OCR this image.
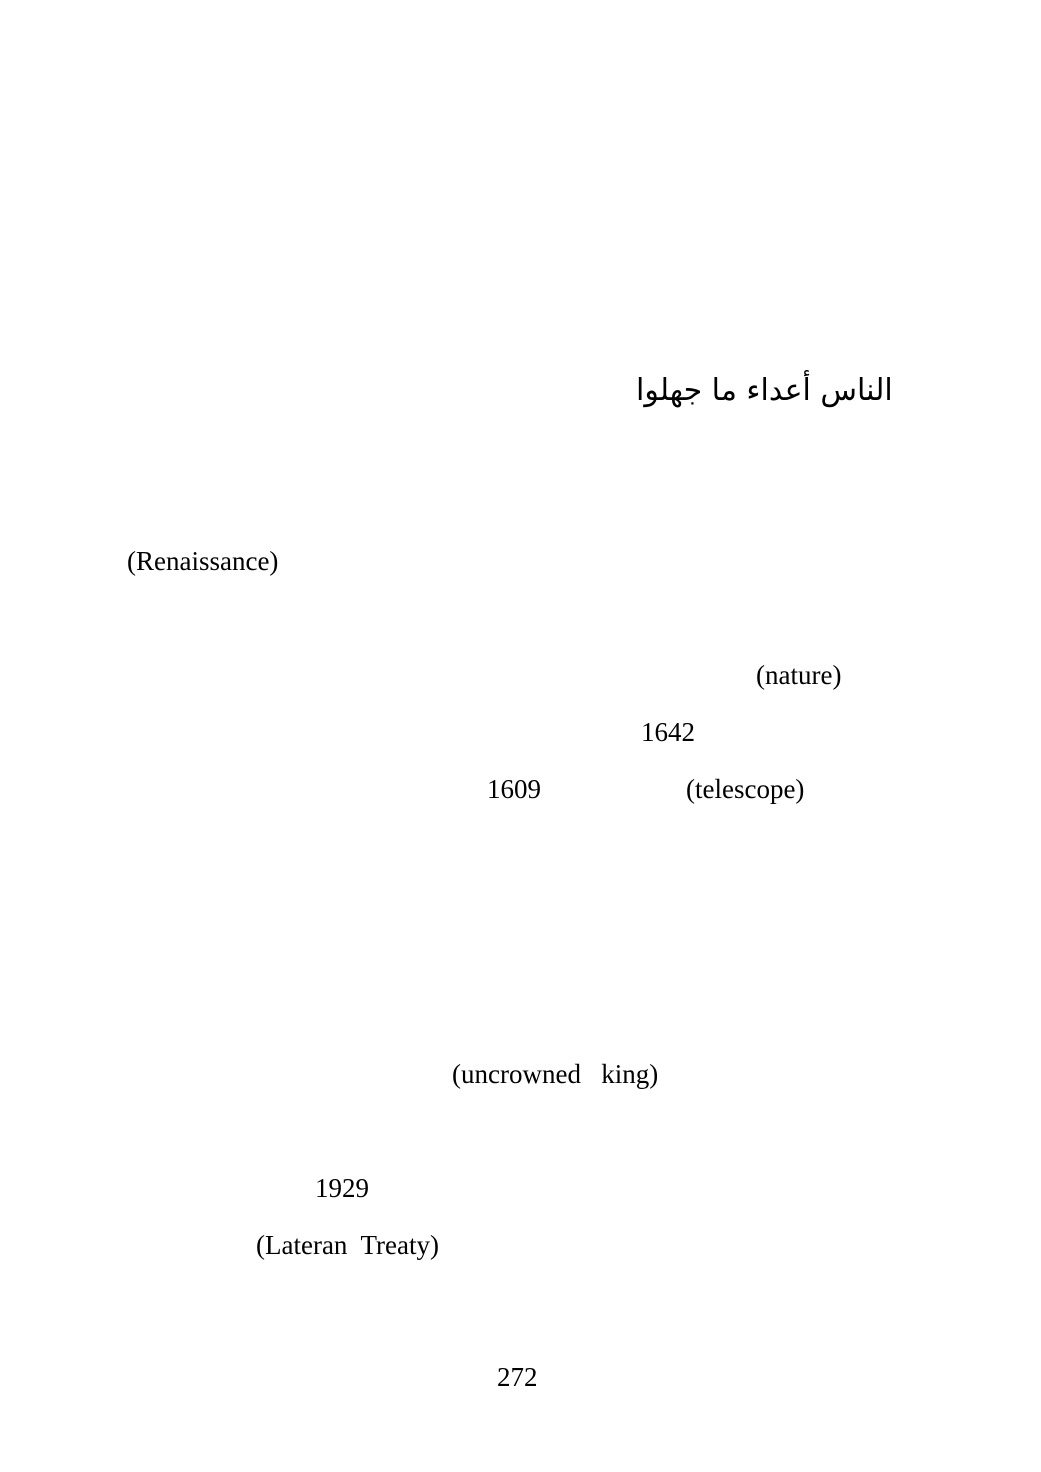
الناس أعداء ما جهلوا
(Renaissance)
(nature)
1642
1609	(telescope)
(uncrowned   king)
1929
(Lateran  Treaty)
272
